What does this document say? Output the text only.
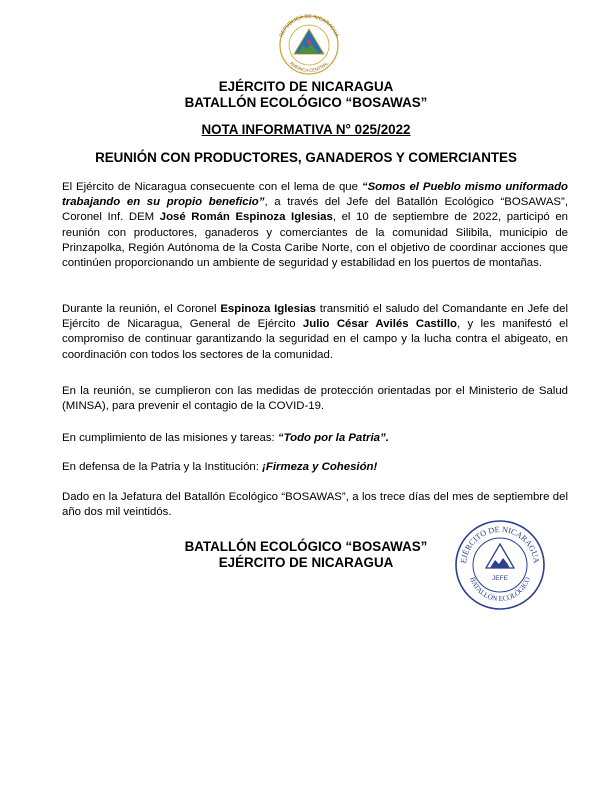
REPUBLICA DE NICARAGUA
AMERICA CENTRAL
EJÉRCITO DE NICARAGUA
BATALLÓN ECOLÓGICO “BOSAWAS”
NOTA INFORMATIVA N° 025/2022
REUNIÓN CON PRODUCTORES, GANADEROS Y COMERCIANTES
El Ejército de Nicaragua consecuente con el lema de que “Somos el Pueblo mismo uniformado trabajando en su propio beneficio”, a través del Jefe del Batallón Ecológico “BOSAWAS”, Coronel Inf. DEM José Román Espinoza Iglesias, el 10 de septiembre de 2022, participó en reunión con productores, ganaderos y comerciantes de la comunidad Silibila, municipio de Prinzapolka, Región Autónoma de la Costa Caribe Norte, con el objetivo de coordinar acciones que continúen proporcionando un ambiente de seguridad y estabilidad en los puertos de montañas.
Durante la reunión, el Coronel Espinoza Iglesias transmitió el saludo del Comandante en Jefe del Ejército de Nicaragua, General de Ejército Julio César Avilés Castillo, y les manifestó el compromiso de continuar garantizando la seguridad en el campo y la lucha contra el abigeato, en coordinación con todos los sectores de la comunidad.
En la reunión, se cumplieron con las medidas de protección orientadas por el Ministerio de Salud (MINSA), para prevenir el contagio de la COVID-19.
En cumplimiento de las misiones y tareas: “Todo por la Patria”.
En defensa de la Patria y la Institución: ¡Firmeza y Cohesión!
Dado en la Jefatura del Batallón Ecológico “BOSAWAS”, a los trece días del mes de septiembre del año dos mil veintidós.
BATALLÓN ECOLÓGICO “BOSAWAS”
EJÉRCITO DE NICARAGUA	EJÉRCITO DE NICARAGUA
BATALLÓN ECOLÓGICO
JEFE
